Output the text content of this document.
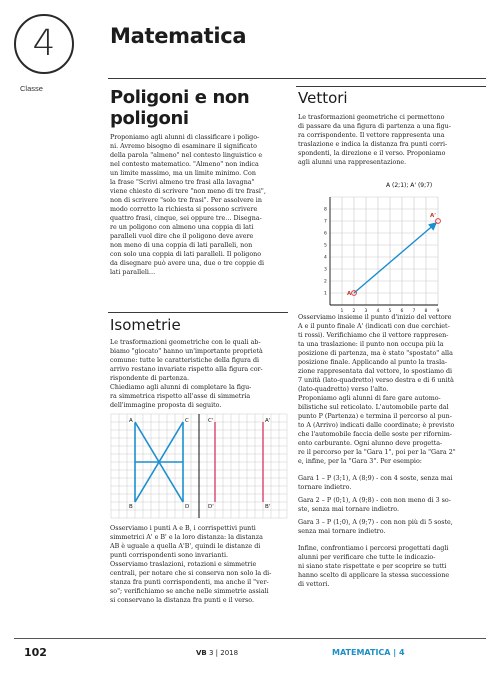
4
Classe
Matematica
Poligoni e non poligoni
Proponiamo agli alunni di classificare i poligo-
ni. Avremo bisogno di esaminare il significato
della parola "almeno" nel contesto linguistico e
nel contesto matematico. "Almeno" non indica
un limite massimo, ma un limite minimo. Con
la frase "Scrivi almeno tre frasi alla lavagna"
viene chiesto di scrivere "non meno di tre frasi",
non di scrivere "solo tre frasi". Per assolvere in
modo corretto la richiesta si possono scrivere
quattro frasi, cinque, sei oppure tre… Disegna-
re un poligono con almeno una coppia di lati
paralleli vuol dire che il poligono deve avere
non meno di una coppia di lati paralleli, non
con solo una coppia di lati paralleli. Il poligono
da disegnare può avere una, due o tre coppie di
lati paralleli…
Isometrie
Le trasformazioni geometriche con le quali ab-
biamo "giocato" hanno un'importante proprietà
comune: tutte le caratteristiche della figura di
arrivo restano invariate rispetto alla figura cor-
rispondente di partenza.
Chiediamo agli alunni di completare la figu-
ra simmetrica rispetto all'asse di simmetria
dell'immagine proposta di seguito.
A
B
C
D
A'
B'
C'
D'
Osserviamo i punti A e B, i corrispettivi punti
simmetrici A' e B' e la loro distanza: la distanza
AB è uguale a quella A'B', quindi le distanze di
punti corrispondenti sono invarianti.
Osserviamo traslazioni, rotazioni e simmetrie
centrali, per notare che si conserva non solo la di-
stanza fra punti corrispondenti, ma anche il "ver-
so"; verifichiamo se anche nelle simmetrie assiali
si conservano la distanza fra punti e il verso.
Vettori
Le trasformazioni geometriche ci permettono
di passare da una figura di partenza a una figu-
ra corrispondente. Il vettore rappresenta una
traslazione e indica la distanza fra punti corri-
spondenti, la direzione e il verso. Proponiamo
agli alunni una rappresentazione.
A (2;1); A' (9;7)
1 2 3 4 5 6 7 8 9
1
2
3
4
5
6
7
8
A
A'
Osserviamo insieme il punto d'inizio del vettore
A e il punto finale A' (indicati con due cerchiet-
ti rossi). Verifichiamo che il vettore rappresen-
ta una traslazione: il punto non occupa più la
posizione di partenza, ma è stato "spostato" alla
posizione finale. Applicando al punto la trasla-
zione rappresentata dal vettore, lo spostiamo di
7 unità (lato-quadretto) verso destra e di 6 unità
(lato-quadretto) verso l'alto.
Proponiamo agli alunni di fare gare automo-
bilistiche sul reticolato. L'automobile parte dal
punto P (Partenza) e termina il percorso al pun-
to A (Arrivo) indicati dalle coordinate; è previsto
che l'automobile faccia delle soste per rifornim-
ento carburante. Ogni alunno deve progetta-
re il percorso per la "Gara 1", poi per la "Gara 2"
e, infine, per la "Gara 3". Per esempio:
Gara 1 – P (3;1), A (8;9) - con 4 soste, senza mai
tornare indietro.
Gara 2 – P (0;1), A (9;8) - con non meno di 3 so-
ste, senza mai tornare indietro.
Gara 3 – P (1;0), A (9;7) - con non più di 5 soste,
senza mai tornare indietro.
Infine, confrontiamo i percorsi progettati dagli
alunni per verificare che tutte le indicazio-
ni siano state rispettate e per scoprire se tutti
hanno scelto di applicare la stessa successione
di vettori.
102	VB 3 | 2018	MATEMATICA | 4
